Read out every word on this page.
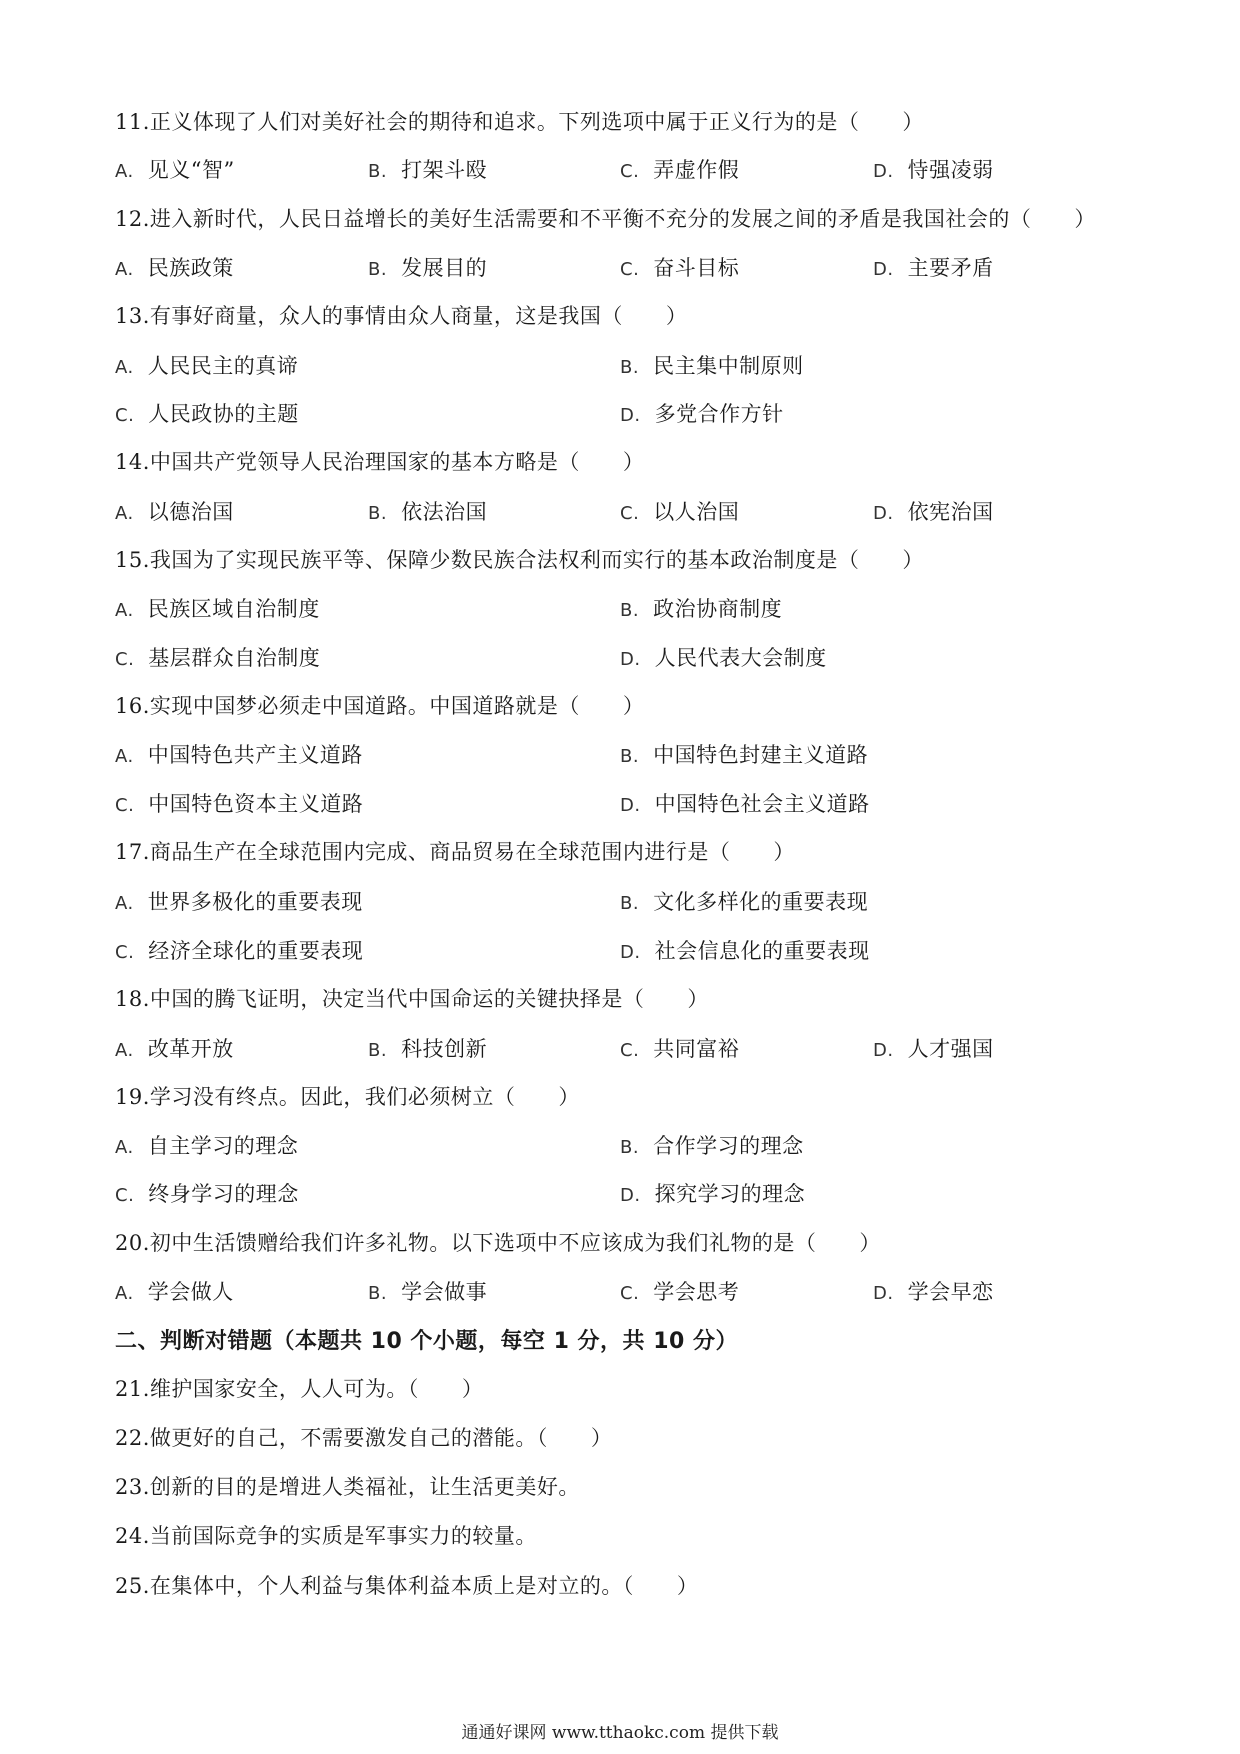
11.正义体现了人们对美好社会的期待和追求。下列选项中属于正义行为的是（　　）
A. 见义“智”	B. 打架斗殴	C. 弄虚作假	D. 恃强凌弱
12.进入新时代，人民日益增长的美好生活需要和不平衡不充分的发展之间的矛盾是我国社会的（　　）
A. 民族政策	B. 发展目的	C. 奋斗目标	D. 主要矛盾
13.有事好商量，众人的事情由众人商量，这是我国（　　）
A. 人民民主的真谛	B. 民主集中制原则
C. 人民政协的主题	D. 多党合作方针
14.中国共产党领导人民治理国家的基本方略是（　　）
A. 以德治国	B. 依法治国	C. 以人治国	D. 依宪治国
15.我国为了实现民族平等、保障少数民族合法权利而实行的基本政治制度是（　　）
A. 民族区域自治制度	B. 政治协商制度
C. 基层群众自治制度	D. 人民代表大会制度
16.实现中国梦必须走中国道路。中国道路就是（　　）
A. 中国特色共产主义道路	B. 中国特色封建主义道路
C. 中国特色资本主义道路	D. 中国特色社会主义道路
17.商品生产在全球范围内完成、商品贸易在全球范围内进行是（　　）
A. 世界多极化的重要表现	B. 文化多样化的重要表现
C. 经济全球化的重要表现	D. 社会信息化的重要表现
18.中国的腾飞证明，决定当代中国命运的关键抉择是（　　）
A. 改革开放	B. 科技创新	C. 共同富裕	D. 人才强国
19.学习没有终点。因此，我们必须树立（　　）
A. 自主学习的理念	B. 合作学习的理念
C. 终身学习的理念	D. 探究学习的理念
20.初中生活馈赠给我们许多礼物。以下选项中不应该成为我们礼物的是（　　）
A. 学会做人	B. 学会做事	C. 学会思考	D. 学会早恋
二、判断对错题（本题共 10 个小题，每空 1 分，共 10 分）
21.维护国家安全，人人可为。（　　）
22.做更好的自己，不需要激发自己的潜能。（　　）
23.创新的目的是增进人类福祉，让生活更美好。
24.当前国际竞争的实质是军事实力的较量。
25.在集体中，个人利益与集体利益本质上是对立的。（　　）
通通好课网 www.tthaokc.com 提供下载
